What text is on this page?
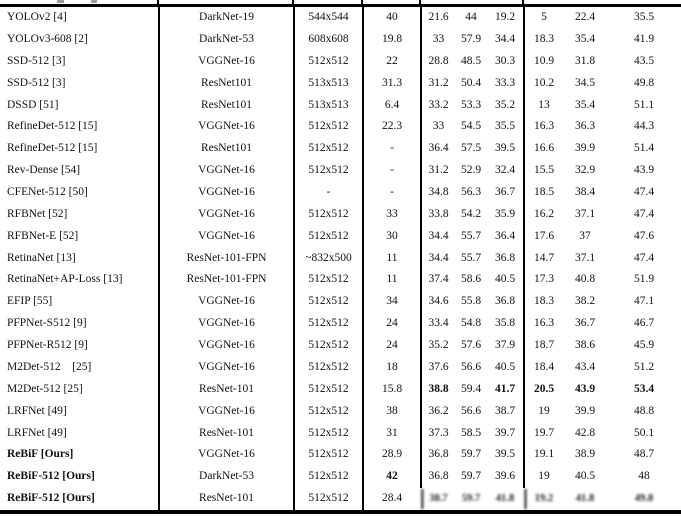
YOLOv2 [4]	DarkNet-19	544x544	40	21.6	44	19.2	5	22.4	35.5
YOLOv3-608 [2]	DarkNet-53	608x608	19.8	33	57.9	34.4	18.3	35.4	41.9
SSD-512 [3]	VGGNet-16	512x512	22	28.8	48.5	30.3	10.9	31.8	43.5
SSD-512 [3]	ResNet101	513x513	31.3	31.2	50.4	33.3	10.2	34.5	49.8
DSSD [51]	ResNet101	513x513	6.4	33.2	53.3	35.2	13	35.4	51.1
RefineDet-512 [15]	VGGNet-16	512x512	22.3	33	54.5	35.5	16.3	36.3	44.3
RefineDet-512 [15]	ResNet101	512x512	-	36.4	57.5	39.5	16.6	39.9	51.4
Rev-Dense [54]	VGGNet-16	512x512	-	31.2	52.9	32.4	15.5	32.9	43.9
CFENet-512 [50]	VGGNet-16	-	-	34.8	56.3	36.7	18.5	38.4	47.4
RFBNet [52]	VGGNet-16	512x512	33	33.8	54.2	35.9	16.2	37.1	47.4
RFBNet-E [52]	VGGNet-16	512x512	30	34.4	55.7	36.4	17.6	37	47.6
RetinaNet [13]	ResNet-101-FPN	~832x500	11	34.4	55.7	36.8	14.7	37.1	47.4
RetinaNet+AP-Loss [13]	ResNet-101-FPN	512x512	11	37.4	58.6	40.5	17.3	40.8	51.9
EFIP [55]	VGGNet-16	512x512	34	34.6	55.8	36.8	18.3	38.2	47.1
PFPNet-S512 [9]	VGGNet-16	512x512	24	33.4	54.8	35.8	16.3	36.7	46.7
PFPNet-R512 [9]	VGGNet-16	512x512	24	35.2	57.6	37.9	18.7	38.6	45.9
M2Det-512    [25]	VGGNet-16	512x512	18	37.6	56.6	40.5	18.4	43.4	51.2
M2Det-512 [25]	ResNet-101	512x512	15.8	38.8	59.4	41.7	20.5	43.9	53.4
LRFNet [49]	VGGNet-16	512x512	38	36.2	56.6	38.7	19	39.9	48.8
LRFNet [49]	ResNet-101	512x512	31	37.3	58.5	39.7	19.7	42.8	50.1
ReBiF [Ours]	VGGNet-16	512x512	28.9	36.8	59.7	39.5	19.1	38.9	48.7
ReBiF-512 [Ours]	DarkNet-53	512x512	42	36.8	59.7	39.6	19	40.5	48
ReBiF-512 [Ours]	ResNet-101	512x512	28.4	38.7	59.7	41.8	19.2	41.8	49.8
